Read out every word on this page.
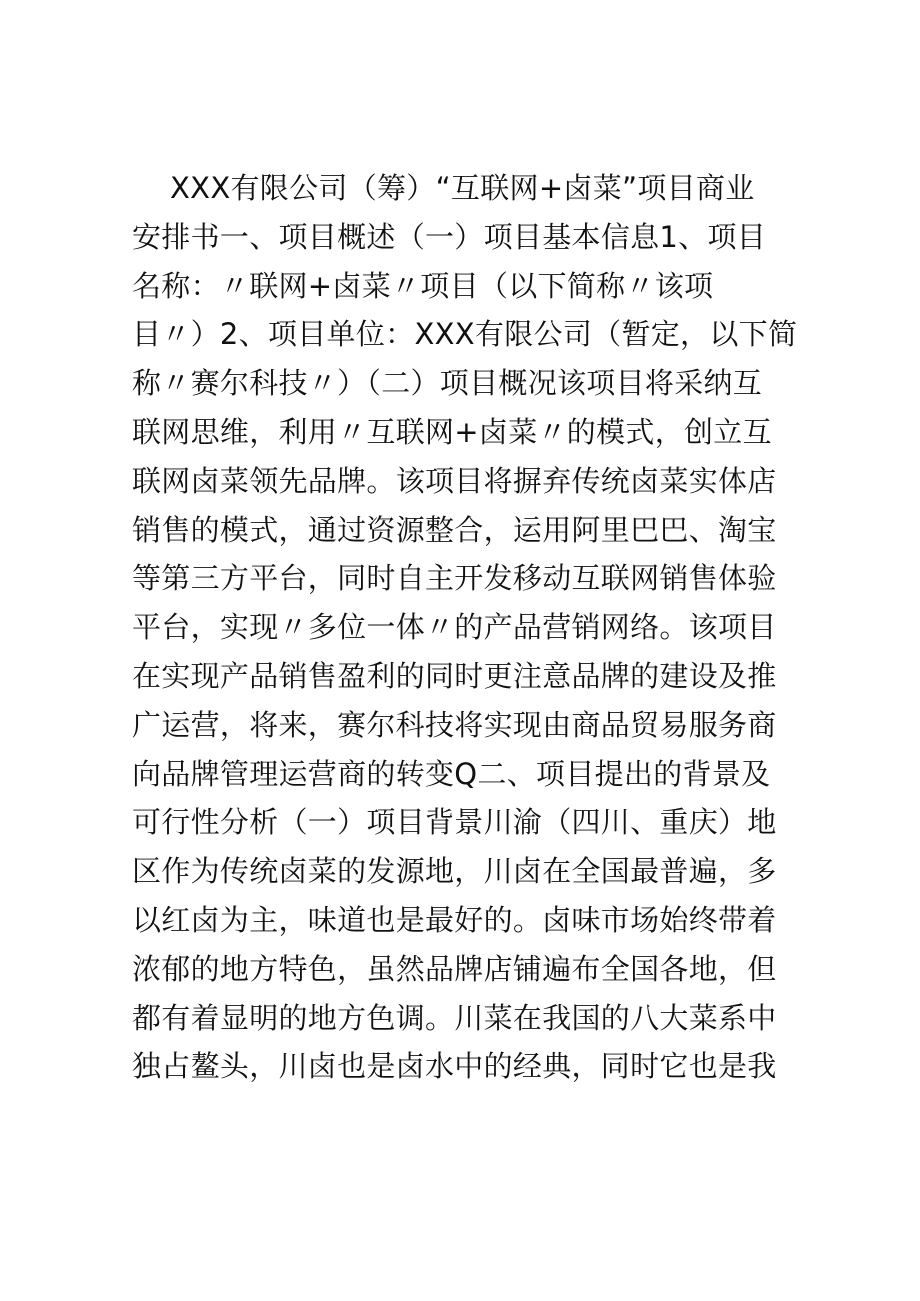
XXX有限公司（筹）“互联网+卤菜”项目商业
安排书一、项目概述（一）项目基本信息1、项目
名称：〃联网+卤菜〃项目（以下简称〃该项
目〃）2、项目单位：XXX有限公司（暂定，以下简
称〃赛尔科技〃）（二）项目概况该项目将采纳互
联网思维，利用〃互联网+卤菜〃的模式，创立互
联网卤菜领先品牌。该项目将摒弃传统卤菜实体店
销售的模式，通过资源整合，运用阿里巴巴、淘宝
等第三方平台，同时自主开发移动互联网销售体验
平台，实现〃多位一体〃的产品营销网络。该项目
在实现产品销售盈利的同时更注意品牌的建设及推
广运营，将来，赛尔科技将实现由商品贸易服务商
向品牌管理运营商的转变Q二、项目提出的背景及
可行性分析（一）项目背景川渝（四川、重庆）地
区作为传统卤菜的发源地，川卤在全国最普遍，多
以红卤为主，味道也是最好的。卤味市场始终带着
浓郁的地方特色，虽然品牌店铺遍布全国各地，但
都有着显明的地方色调。川菜在我国的八大菜系中
独占鳌头，川卤也是卤水中的经典，同时它也是我
